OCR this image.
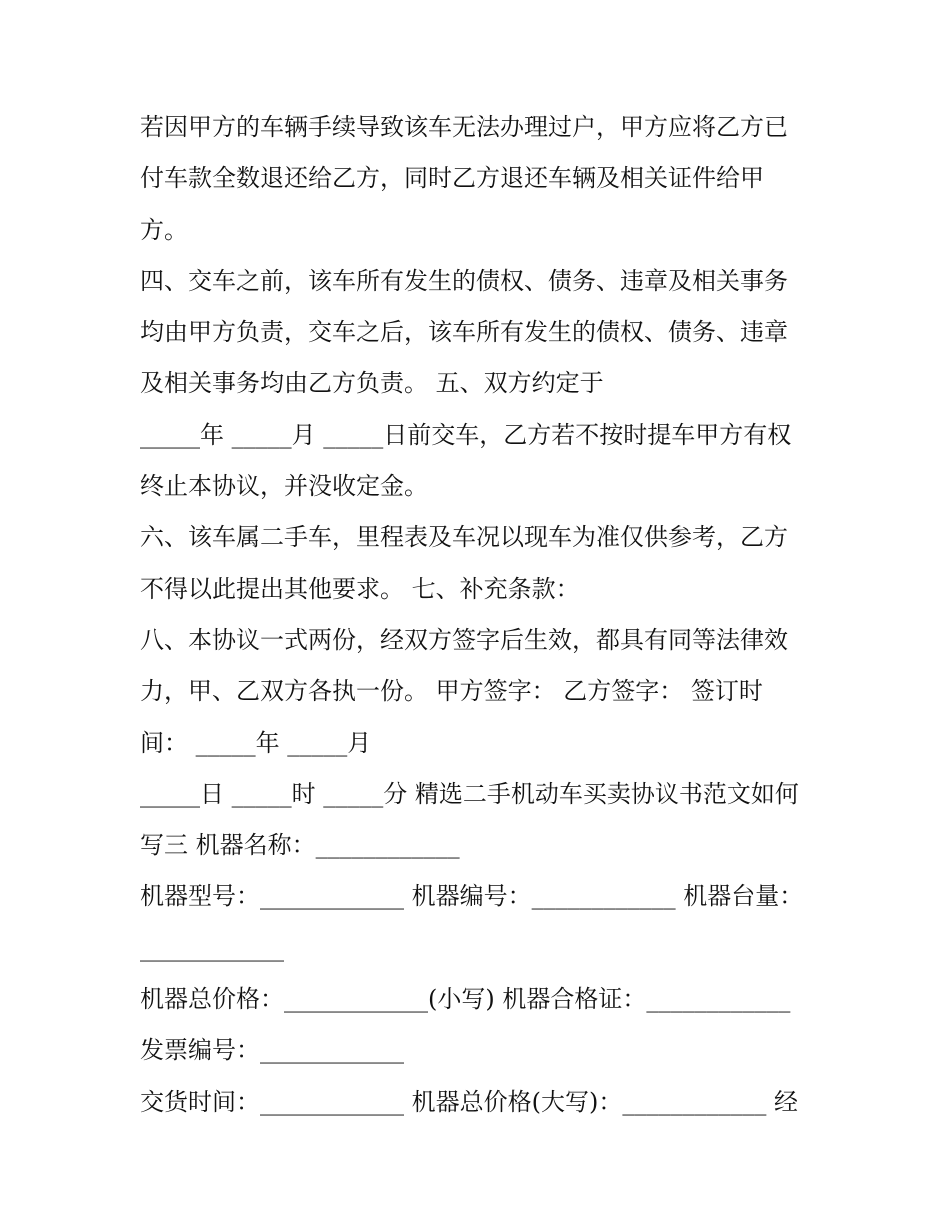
若因甲方的车辆手续导致该车无法办理过户，甲方应将乙方已
付车款全数退还给乙方，同时乙方退还车辆及相关证件给甲
方。
四、交车之前，该车所有发生的债权、债务、违章及相关事务
均由甲方负责，交车之后，该车所有发生的债权、债务、违章
及相关事务均由乙方负责。 五、双方约定于
_____年 _____月 _____日前交车，乙方若不按时提车甲方有权
终止本协议，并没收定金。
六、该车属二手车，里程表及车况以现车为准仅供参考，乙方
不得以此提出其他要求。 七、补充条款：
八、本协议一式两份，经双方签字后生效，都具有同等法律效
力，甲、乙双方各执一份。 甲方签字： 乙方签字： 签订时
间： _____年 _____月
_____日 _____时 _____分 精选二手机动车买卖协议书范文如何
写三 机器名称：____________
机器型号：____________ 机器编号：____________ 机器台量：
____________
机器总价格：____________(小写) 机器合格证：____________
发票编号：____________
交货时间：____________ 机器总价格(大写)：____________ 经
